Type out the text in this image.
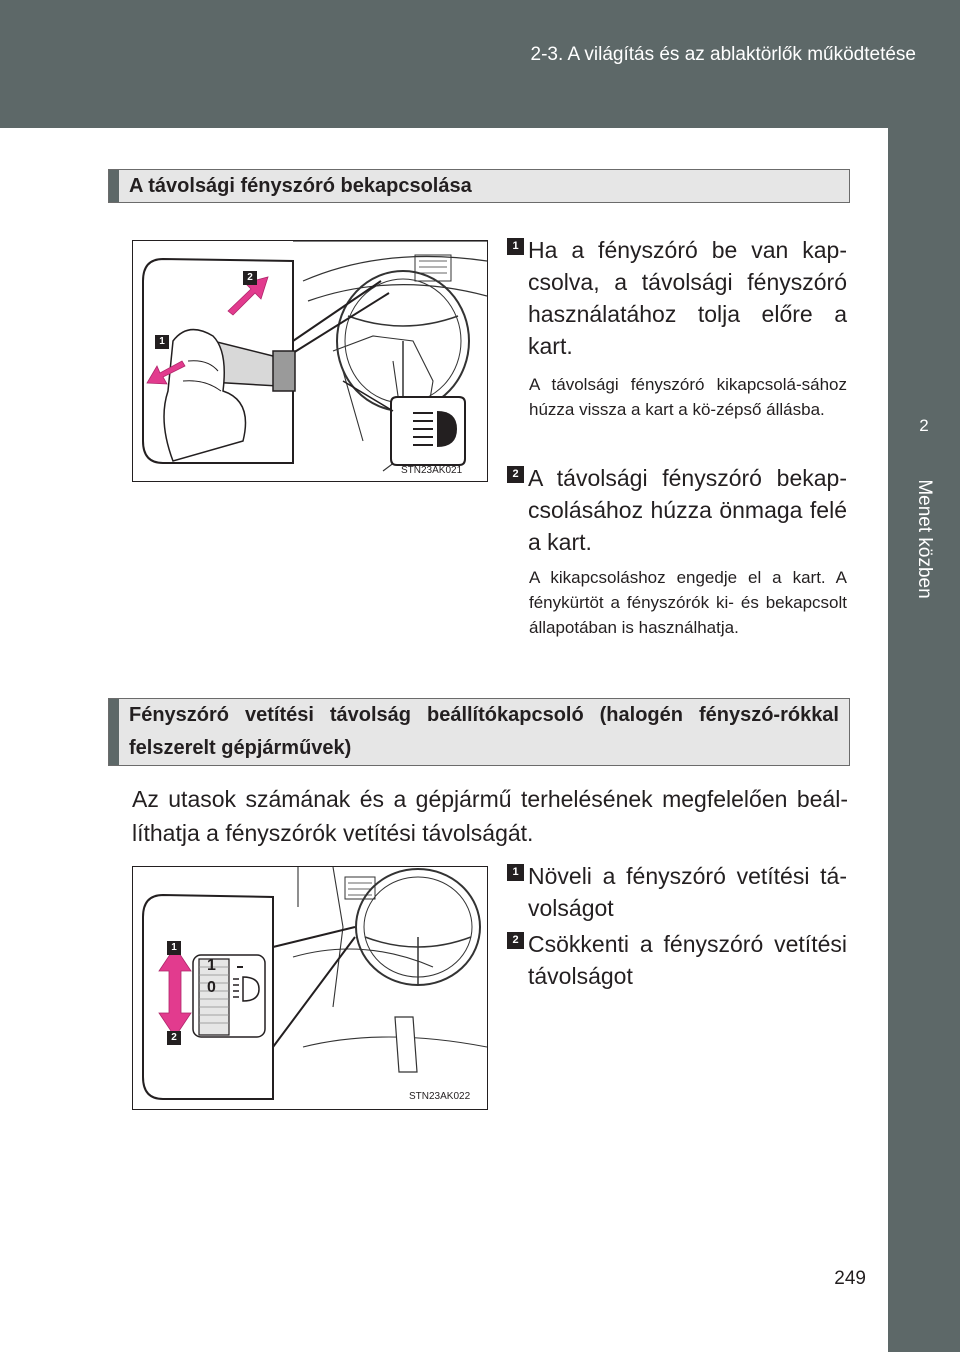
2-3. A világítás és az ablaktörlők működtetése
2
Menet közben
A távolsági fényszóró bekapcsolása
1
2
STN23AK021
1 Ha a fényszóró be van kap-csolva, a távolsági fényszóró használatához tolja előre a kart.
A távolsági fényszóró kikapcsolá-sához húzza vissza a kart a kö-zépső állásba.
2 A távolsági fényszóró bekap-csolásához húzza önmaga felé a kart.
A kikapcsoláshoz engedje el a kart. A fénykürtöt a fényszórók ki- és bekapcsolt állapotában is használhatja.
Fényszóró vetítési távolság beállítókapcsoló (halogén fényszó-rókkal felszerelt gépjárművek)
Az utasok számának és a gépjármű terhelésének megfelelően beál-líthatja a fényszórók vetítési távolságát.
1
0
1
2
STN23AK022
1 Növeli a fényszóró vetítési tá-volságot
2 Csökkenti a fényszóró vetítési távolságot
249
